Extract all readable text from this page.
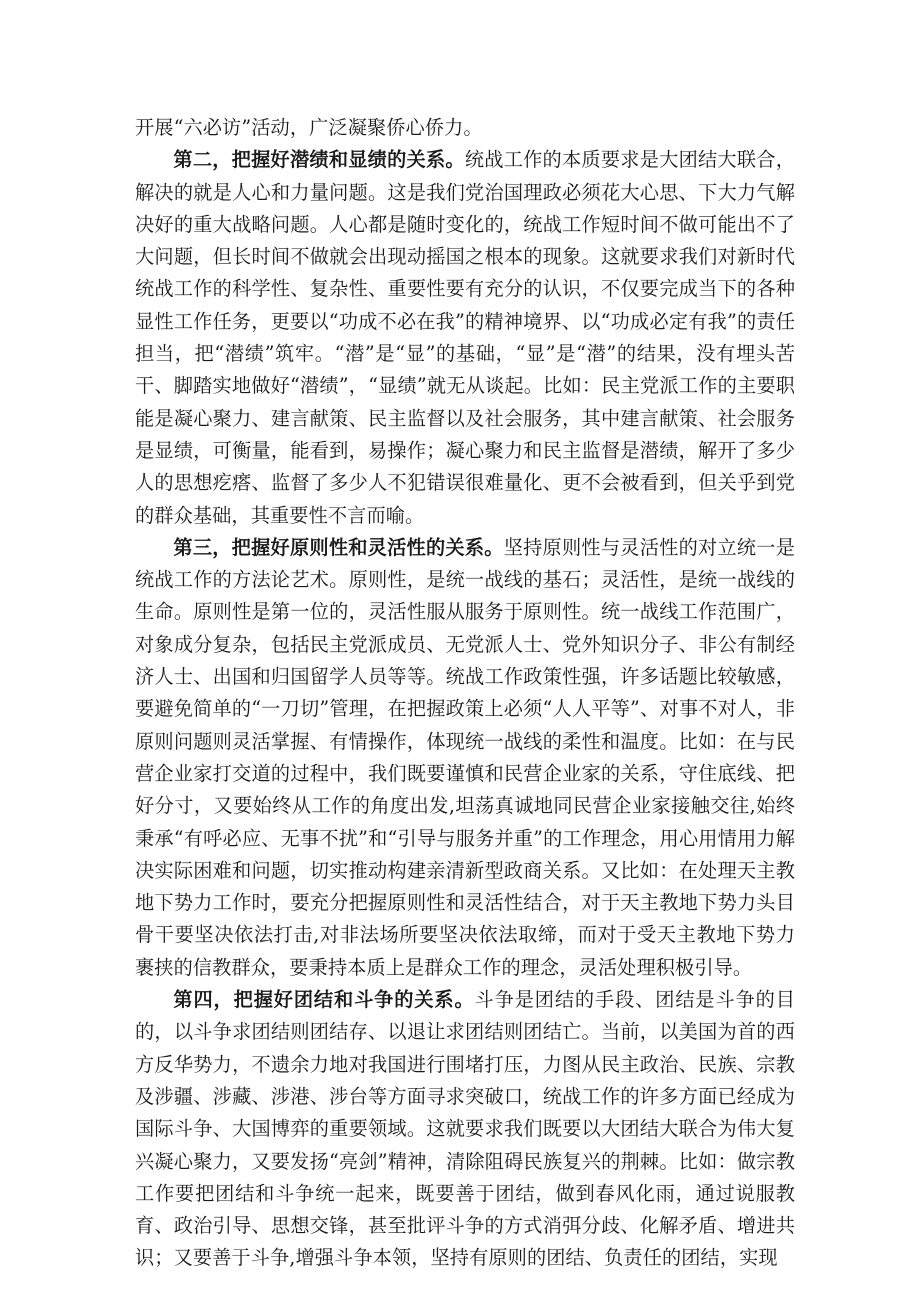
开展“六必访”活动，广泛凝聚侨心侨力。

第二，把握好潜绩和显绩的关系。统战工作的本质要求是大团结大联合，解决的就是人心和力量问题。这是我们党治国理政必须花大心思、下大力气解决好的重大战略问题。人心都是随时变化的，统战工作短时间不做可能出不了大问题，但长时间不做就会出现动摇国之根本的现象。这就要求我们对新时代统战工作的科学性、复杂性、重要性要有充分的认识，不仅要完成当下的各种显性工作任务，更要以“功成不必在我”的精神境界、以“功成必定有我”的责任担当，把“潜绩”筑牢。“潜”是“显”的基础，“显”是“潜”的结果，没有埋头苦干、脚踏实地做好“潜绩”，“显绩”就无从谈起。比如：民主党派工作的主要职能是凝心聚力、建言献策、民主监督以及社会服务，其中建言献策、社会服务是显绩，可衡量，能看到，易操作；凝心聚力和民主监督是潜绩，解开了多少人的思想疙瘩、监督了多少人不犯错误很难量化、更不会被看到，但关乎到党的群众基础，其重要性不言而喻。

第三，把握好原则性和灵活性的关系。坚持原则性与灵活性的对立统一是统战工作的方法论艺术。原则性，是统一战线的基石；灵活性，是统一战线的生命。原则性是第一位的，灵活性服从服务于原则性。统一战线工作范围广，对象成分复杂，包括民主党派成员、无党派人士、党外知识分子、非公有制经济人士、出国和归国留学人员等等。统战工作政策性强，许多话题比较敏感，要避免简单的“一刀切”管理，在把握政策上必须“人人平等”、对事不对人，非原则问题则灵活掌握、有情操作，体现统一战线的柔性和温度。比如：在与民营企业家打交道的过程中，我们既要谨慎和民营企业家的关系，守住底线、把好分寸，又要始终从工作的角度出发,坦荡真诚地同民营企业家接触交往,始终秉承“有呼必应、无事不扰”和“引导与服务并重”的工作理念，用心用情用力解决实际困难和问题，切实推动构建亲清新型政商关系。又比如：在处理天主教地下势力工作时，要充分把握原则性和灵活性结合，对于天主教地下势力头目骨干要坚决依法打击,对非法场所要坚决依法取缔，而对于受天主教地下势力裹挟的信教群众，要秉持本质上是群众工作的理念，灵活处理积极引导。

第四，把握好团结和斗争的关系。斗争是团结的手段、团结是斗争的目的，以斗争求团结则团结存、以退让求团结则团结亡。当前，以美国为首的西方反华势力，不遗余力地对我国进行围堵打压，力图从民主政治、民族、宗教及涉疆、涉藏、涉港、涉台等方面寻求突破口，统战工作的许多方面已经成为国际斗争、大国博弈的重要领域。这就要求我们既要以大团结大联合为伟大复兴凝心聚力，又要发扬“亮剑”精神，清除阻碍民族复兴的荆棘。比如：做宗教工作要把团结和斗争统一起来，既要善于团结，做到春风化雨，通过说服教育、政治引导、思想交锋，甚至批评斗争的方式消弭分歧、化解矛盾、增进共识；又要善于斗争,增强斗争本领，坚持有原则的团结、负责任的团结，实现
